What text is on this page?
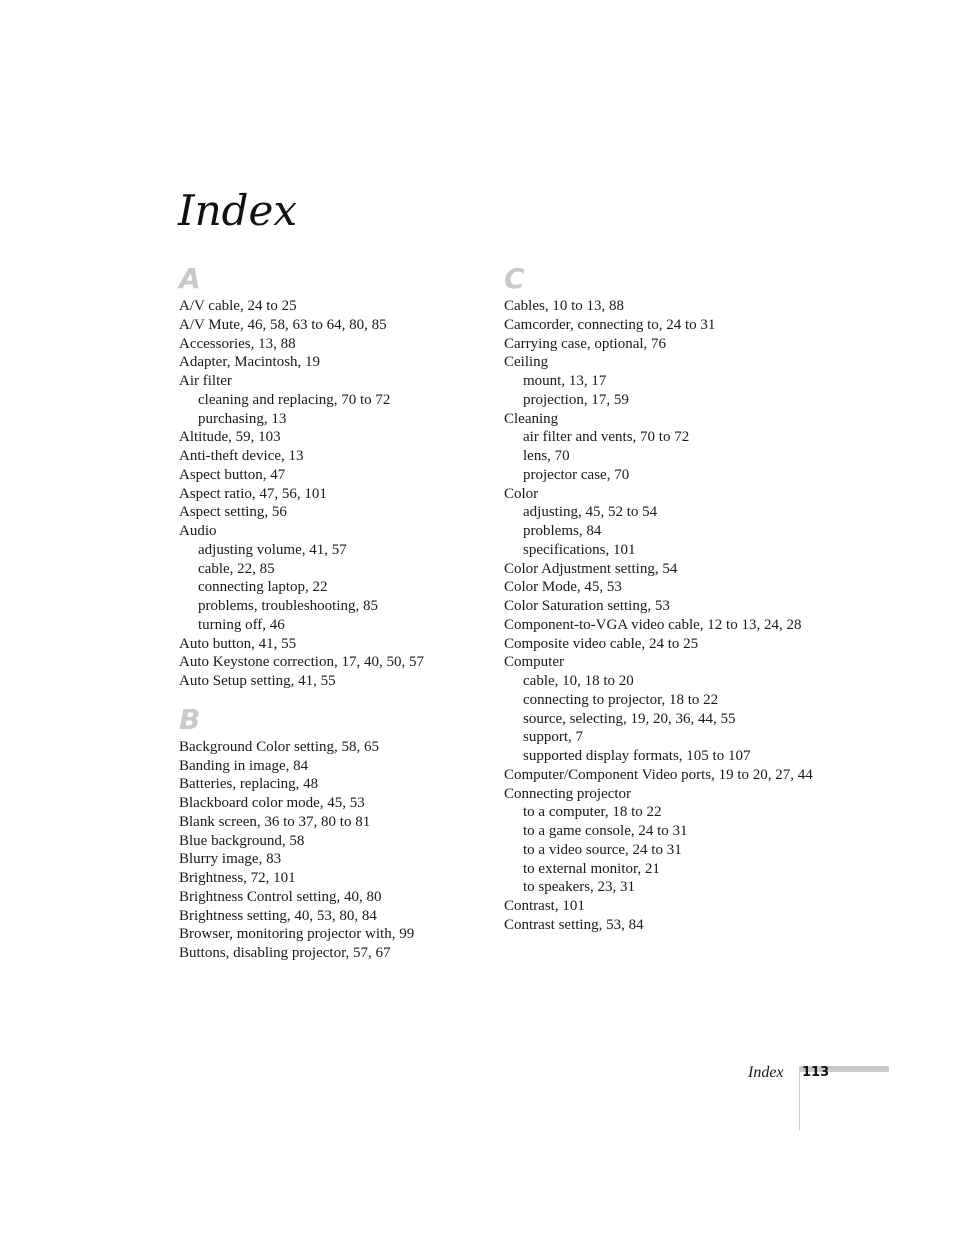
Index
A
A/V cable, 24 to 25
A/V Mute, 46, 58, 63 to 64, 80, 85
Accessories, 13, 88
Adapter, Macintosh, 19
Air filter
cleaning and replacing, 70 to 72
purchasing, 13
Altitude, 59, 103
Anti-theft device, 13
Aspect button, 47
Aspect ratio, 47, 56, 101
Aspect setting, 56
Audio
adjusting volume, 41, 57
cable, 22, 85
connecting laptop, 22
problems, troubleshooting, 85
turning off, 46
Auto button, 41, 55
Auto Keystone correction, 17, 40, 50, 57
Auto Setup setting, 41, 55
B
Background Color setting, 58, 65
Banding in image, 84
Batteries, replacing, 48
Blackboard color mode, 45, 53
Blank screen, 36 to 37, 80 to 81
Blue background, 58
Blurry image, 83
Brightness, 72, 101
Brightness Control setting, 40, 80
Brightness setting, 40, 53, 80, 84
Browser, monitoring projector with, 99
Buttons, disabling projector, 57, 67
C
Cables, 10 to 13, 88
Camcorder, connecting to, 24 to 31
Carrying case, optional, 76
Ceiling
mount, 13, 17
projection, 17, 59
Cleaning
air filter and vents, 70 to 72
lens, 70
projector case, 70
Color
adjusting, 45, 52 to 54
problems, 84
specifications, 101
Color Adjustment setting, 54
Color Mode, 45, 53
Color Saturation setting, 53
Component-to-VGA video cable, 12 to 13, 24, 28
Composite video cable, 24 to 25
Computer
cable, 10, 18 to 20
connecting to projector, 18 to 22
source, selecting, 19, 20, 36, 44, 55
support, 7
supported display formats, 105 to 107
Computer/Component Video ports, 19 to 20, 27, 44
Connecting projector
to a computer, 18 to 22
to a game console, 24 to 31
to a video source, 24 to 31
to external monitor, 21
to speakers, 23, 31
Contrast, 101
Contrast setting, 53, 84
Index 113
